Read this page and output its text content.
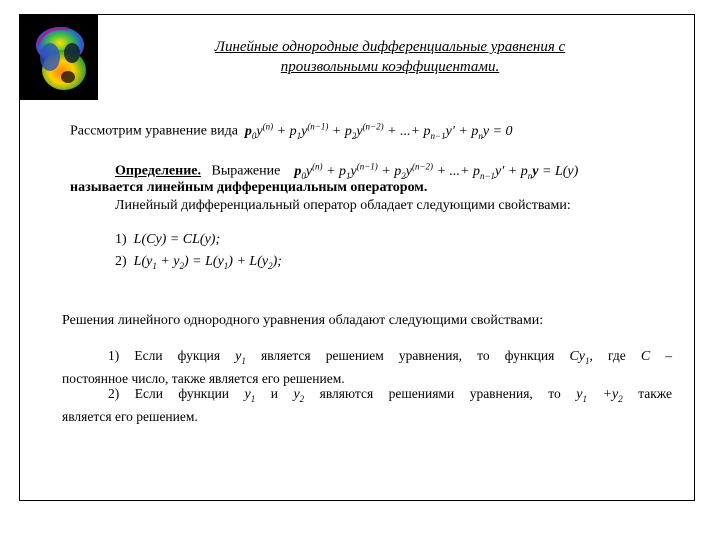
Линейные однородные дифференциальные уравнения с
произвольными коэффициентами.
Рассмотрим уравнение вида $p_0y^{(n)} + p_1y^{(n-1)} + p_2y^{(n-2)}$ + ...+ $p_{n-1}y' + p_ny = 0$
Определение. Выражение $p_0y^{(n)} + p_1y^{(n-1)} + p_2y^{(n-2)}$ + ...+ $p_{n-1}y' + p_ny = L(y)$
называется линейным дифференциальным оператором.
Линейный дифференциальный оператор обладает следующими свойствами:
1)  L(Cy) = CL(y);
2)  $L(y_1 + y_2) = L(y_1) + L(y_2)$;
Решения линейного однородного уравнения обладают следующими свойствами:
1) Если фукция $y_1$ является решением уравнения, то функция $Cy_1$, где C –
постоянное число, также является его решением.
2) Если функции $y_1$ и $y_2$ являются решениями уравнения, то $y_1 +y_2$ также
является его решением.
